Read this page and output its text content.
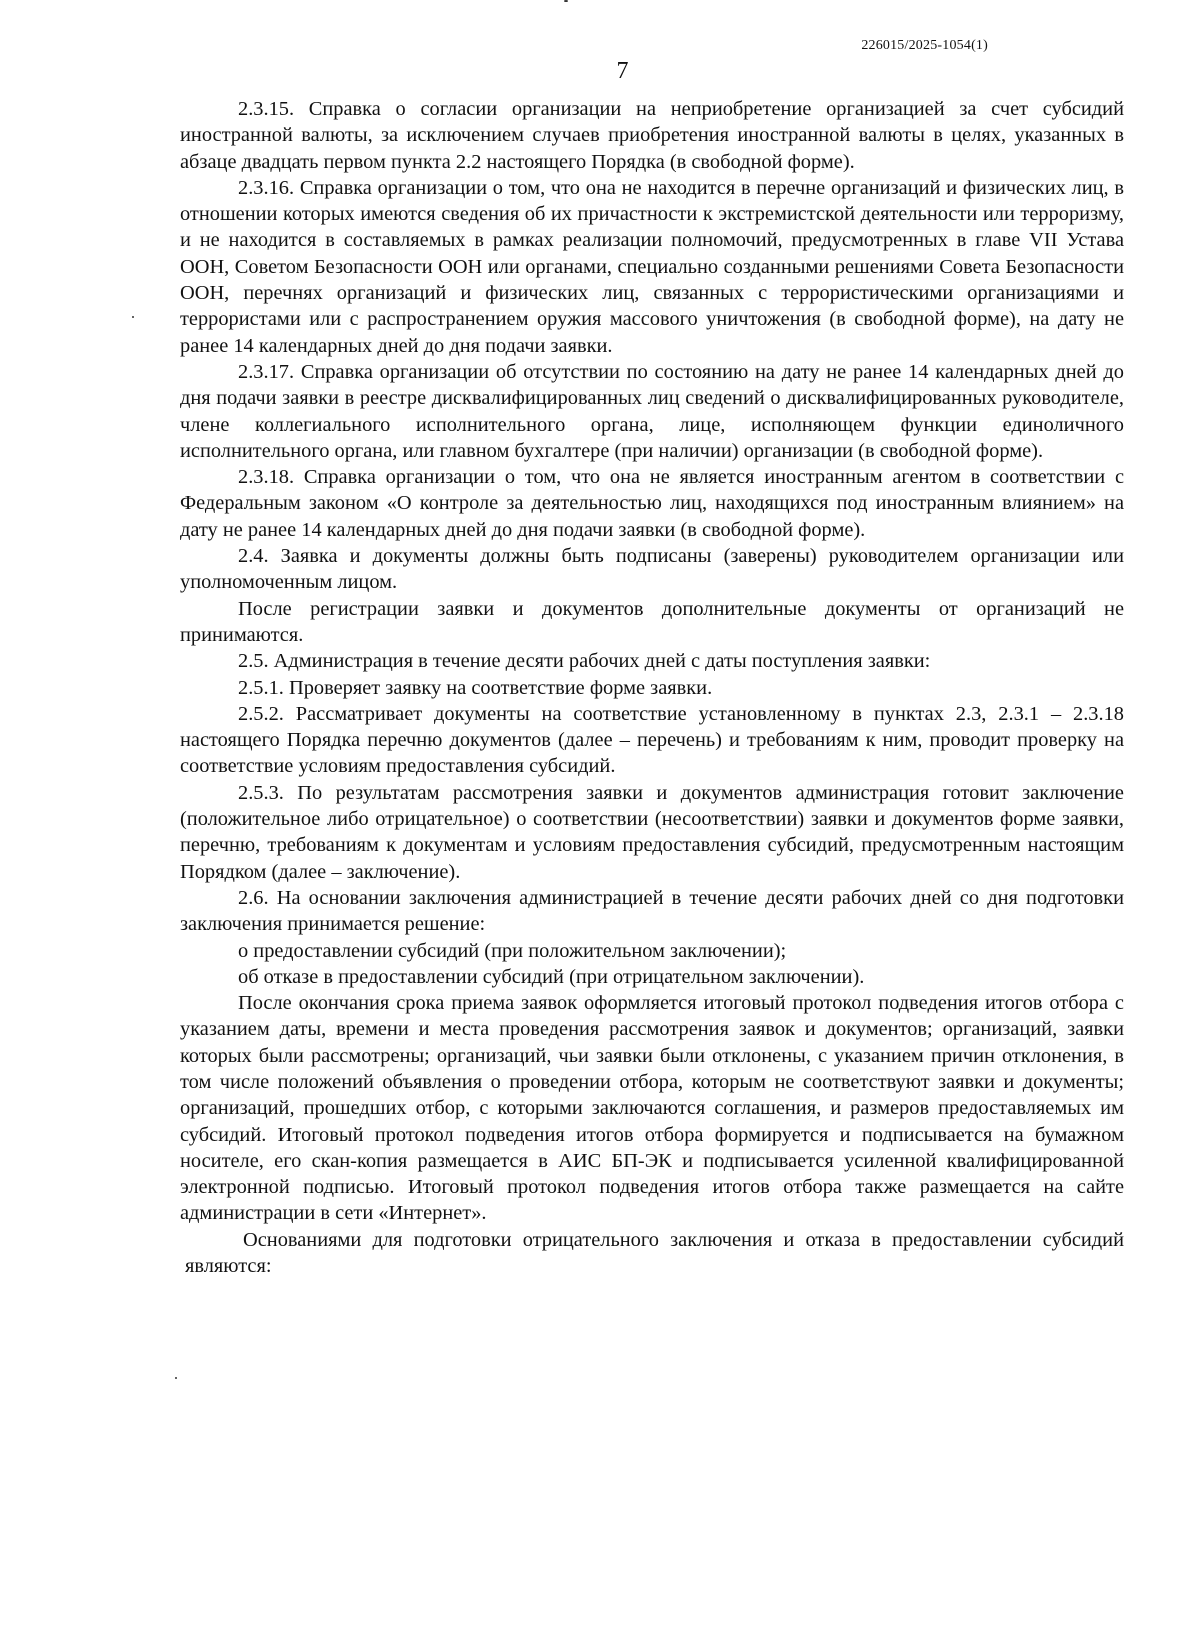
226015/2025-1054(1)
7

2.3.15. Справка о согласии организации на неприобретение организацией за счет субсидий иностранной валюты, за исключением случаев приобретения иностранной валюты в целях, указанных в абзаце двадцать первом пункта 2.2 настоящего Порядка (в свободной форме).

2.3.16. Справка организации о том, что она не находится в перечне организаций и физических лиц, в отношении которых имеются сведения об их причастности к экстремистской деятельности или терроризму, и не находится в составляемых в рамках реализации полномочий, предусмотренных в главе VII Устава ООН, Советом Безопасности ООН или органами, специально созданными решениями Совета Безопасности ООН, перечнях организаций и физических лиц, связанных с террористическими организациями и террористами или с распространением оружия массового уничтожения (в свободной форме), на дату не ранее 14 календарных дней до дня подачи заявки.

2.3.17. Справка организации об отсутствии по состоянию на дату не ранее 14 календарных дней до дня подачи заявки в реестре дисквалифицированных лиц сведений о дисквалифицированных руководителе, члене коллегиального исполнительного органа, лице, исполняющем функции единоличного исполнительного органа, или главном бухгалтере (при наличии) организации (в свободной форме).

2.3.18. Справка организации о том, что она не является иностранным агентом в соответствии с Федеральным законом «О контроле за деятельностью лиц, находящихся под иностранным влиянием» на дату не ранее 14 календарных дней до дня подачи заявки (в свободной форме).

2.4. Заявка и документы должны быть подписаны (заверены) руководителем организации или уполномоченным лицом.

После регистрации заявки и документов дополнительные документы от организаций не принимаются.

2.5. Администрация в течение десяти рабочих дней с даты поступления заявки:

2.5.1. Проверяет заявку на соответствие форме заявки.

2.5.2. Рассматривает документы на соответствие установленному в пунктах 2.3, 2.3.1 – 2.3.18 настоящего Порядка перечню документов (далее – перечень) и требованиям к ним, проводит проверку на соответствие условиям предоставления субсидий.

2.5.3. По результатам рассмотрения заявки и документов администрация готовит заключение (положительное либо отрицательное) о соответствии (несоответствии) заявки и документов форме заявки, перечню, требованиям к документам и условиям предоставления субсидий, предусмотренным настоящим Порядком (далее – заключение).

2.6. На основании заключения администрацией в течение десяти рабочих дней со дня подготовки заключения принимается решение:

о предоставлении субсидий (при положительном заключении);

об отказе в предоставлении субсидий (при отрицательном заключении).

После окончания срока приема заявок оформляется итоговый протокол подведения итогов отбора с указанием даты, времени и места проведения рассмотрения заявок и документов; организаций, заявки которых были рассмотрены; организаций, чьи заявки были отклонены, с указанием причин отклонения, в том числе положений объявления о проведении отбора, которым не соответствуют заявки и документы; организаций, прошедших отбор, с которыми заключаются соглашения, и размеров предоставляемых им субсидий. Итоговый протокол подведения итогов отбора формируется и подписывается на бумажном носителе, его скан-копия размещается в АИС БП-ЭК и подписывается усиленной квалифицированной электронной подписью. Итоговый протокол подведения итогов отбора также размещается на сайте администрации в сети «Интернет».

Основаниями для подготовки отрицательного заключения и отказа в предоставлении субсидий являются:
